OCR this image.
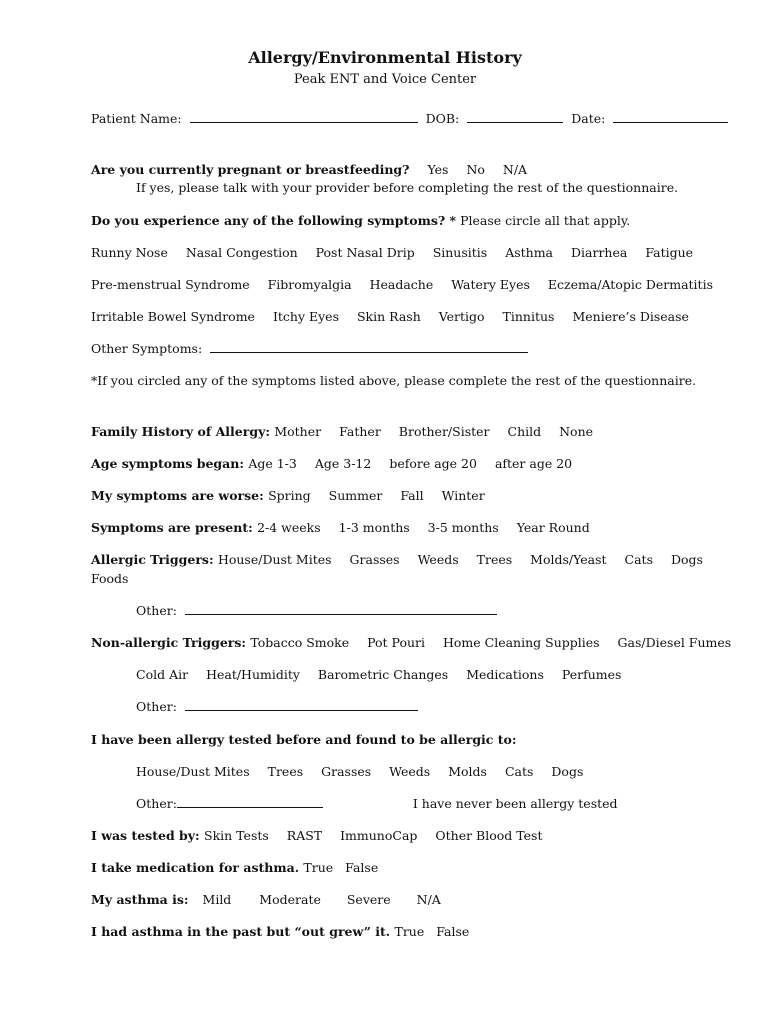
Allergy/Environmental History
Peak ENT and Voice Center
Patient Name:	DOB:	Date:
Are you currently pregnant or breastfeeding? Yes No N/A
If yes, please talk with your provider before completing the rest of the questionnaire.
Do you experience any of the following symptoms? * Please circle all that apply.
Runny Nose Nasal Congestion Post Nasal Drip Sinusitis Asthma Diarrhea Fatigue
Pre-menstrual Syndrome Fibromyalgia Headache Watery Eyes Eczema/Atopic Dermatitis
Irritable Bowel Syndrome Itchy Eyes Skin Rash Vertigo Tinnitus Meniere’s Disease
Other Symptoms:
*If you circled any of the symptoms listed above, please complete the rest of the questionnaire.
Family History of Allergy: Mother Father Brother/Sister Child None
Age symptoms began: Age 1-3 Age 3-12 before age 20 after age 20
My symptoms are worse: Spring Summer Fall Winter
Symptoms are present: 2-4 weeks 1-3 months 3-5 months Year Round
Allergic Triggers: House/Dust Mites Grasses Weeds Trees Molds/Yeast Cats Dogs
Foods
Other:
Non-allergic Triggers: Tobacco Smoke Pot Pouri Home Cleaning Supplies Gas/Diesel Fumes
Cold Air Heat/Humidity Barometric Changes Medications Perfumes
Other:
I have been allergy tested before and found to be allergic to:
House/Dust Mites Trees Grasses Weeds Molds Cats Dogs
Other:	I have never been allergy tested
I was tested by: Skin Tests RAST ImmunoCap Other Blood Test
I take medication for asthma. True False
My asthma is: Mild Moderate Severe N/A
I had asthma in the past but “out grew” it. True False
